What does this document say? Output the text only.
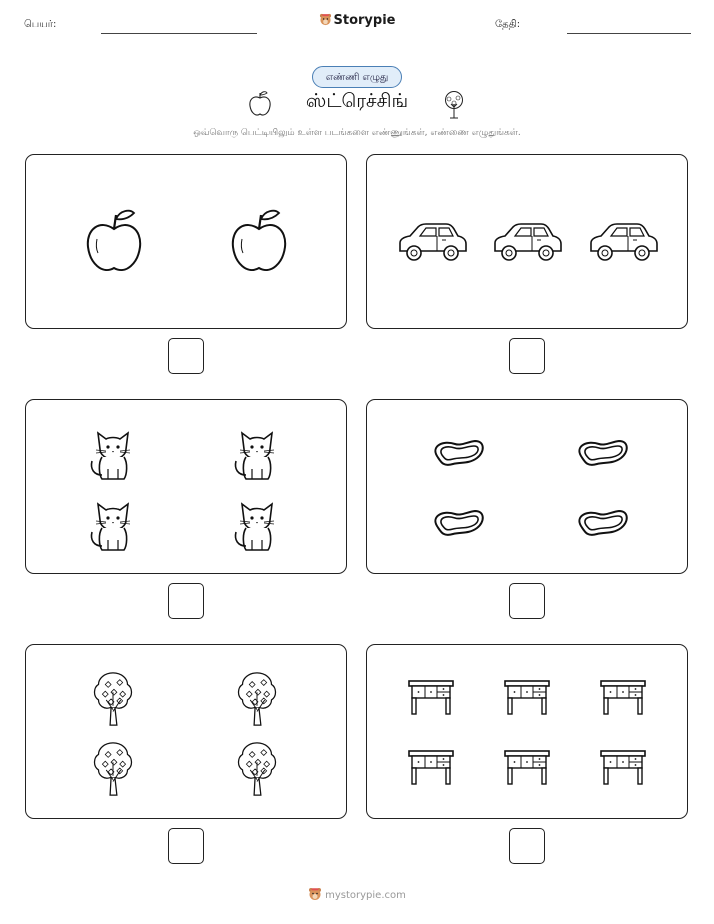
பெயர்:	Storypie	தேதி:
எண்ணி எழுது
ஸ்ட்ரெச்சிங்
ஒவ்வொரு பெட்டியிலும் உள்ள படங்களை எண்ணுங்கள், எண்ணை எழுதுங்கள்.
mystorypie.com
